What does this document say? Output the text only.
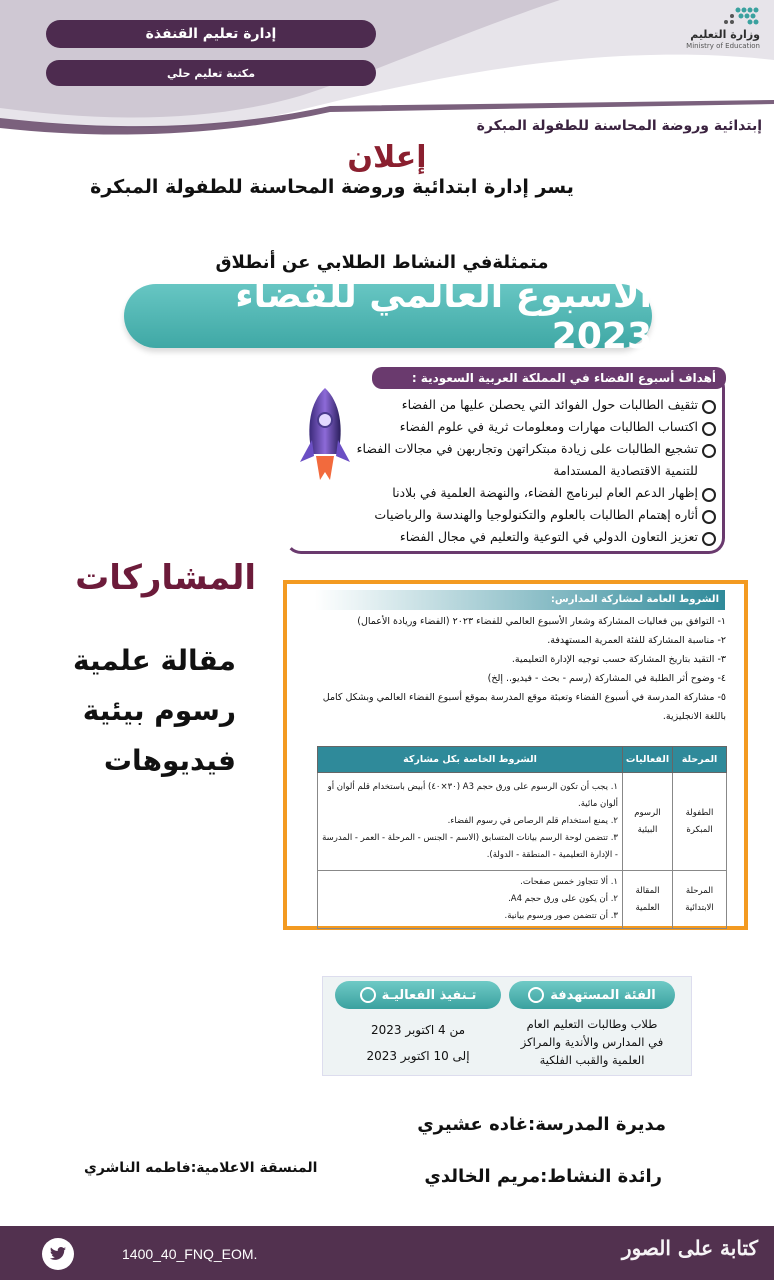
إدارة تعليم القنفذة
مكتبة تعليم حلي
وزارة التعليم
Ministry of Education
إبتدائية وروضة المحاسنة للطفولة المبكرة
إعلان
يسر إدارة ابتدائية وروضة المحاسنة للطفولة المبكرة
متمثلةفي النشاط الطلابي عن أنطلاق
الأسبوع العالمي للفضاء 2023
أهداف أسبوع الفضاء في المملكة العربية السعودية :
تثقيف الطالبات حول الفوائد التي يحصلن عليها من الفضاء
اكتساب الطالبات مهارات ومعلومات ثرية في علوم الفضاء
تشجيع الطالبات على زيادة مبتكراتهن وتجاربهن في مجالات الفضاء
للتنمية الاقتصادية المستدامة
إظهار الدعم العام لبرنامج الفضاء، والنهضة العلمية في بلادنا
أثاره إهتمام الطالبات بالعلوم والتكنولوجيا والهندسة والرياضيات
تعزيز التعاون الدولي في التوعية والتعليم في مجال الفضاء
المشاركات
مقالة علمية
رسوم بيئية
فيديوهات
الشروط العامة لمشاركة المدارس:
١- التوافق بين فعاليات المشاركة وشعار الأسبوع العالمي للفضاء ٢٠٢٣ (الفضاء وريادة الأعمال)
٢- مناسبة المشاركة للفئة العمرية المستهدفة.
٣- التقيد بتاريخ المشاركة حسب توجيه الإدارة التعليمية.
٤- وضوح أثر الطلبة في المشاركة (رسم - بحث - فيديو.. إلخ)
٥- مشاركة المدرسة في أسبوع الفضاء وتعبئة موقع المدرسة بموقع أسبوع الفضاء العالمي وبشكل كامل
باللغة الانجليزية.
المرحلة	الفعاليات	الشروط الخاصة بكل مشاركة
الطفولة المبكرة	الرسوم البيئية	١. يجب أن تكون الرسوم على ورق حجم A3 (٣٠×٤٠) أبيض باستخدام قلم ألوان أو ألوان مائية.
٢. يمنع استخدام قلم الرصاص في رسوم الفضاء.
٣. تتضمن لوحة الرسم بيانات المتسابق (الاسم - الجنس - المرحلة - العمر - المدرسة - الإدارة التعليمية - المنطقة - الدولة).

المرحلة الابتدائية	المقالة العلمية	١. ألا تتجاوز خمس صفحات.
٢. أن يكون على ورق حجم A4.
٣. أن تتضمن صور ورسوم بيانية.
الفئة المستهدفة
طلاب وطالبات التعليم العام
في المدارس والأندية والمراكز
العلمية والقبب الفلكية
تـنفيذ الفعاليـة
من 4 اكتوبر 2023
إلى 10 اكتوبر 2023
مديرة المدرسة:غاده عشيري
رائدة النشاط:مريم الخالدي
المنسقة الاعلامية:فاطمه الناشري
1400_40_FNQ_EOM.	كتابة على الصور
